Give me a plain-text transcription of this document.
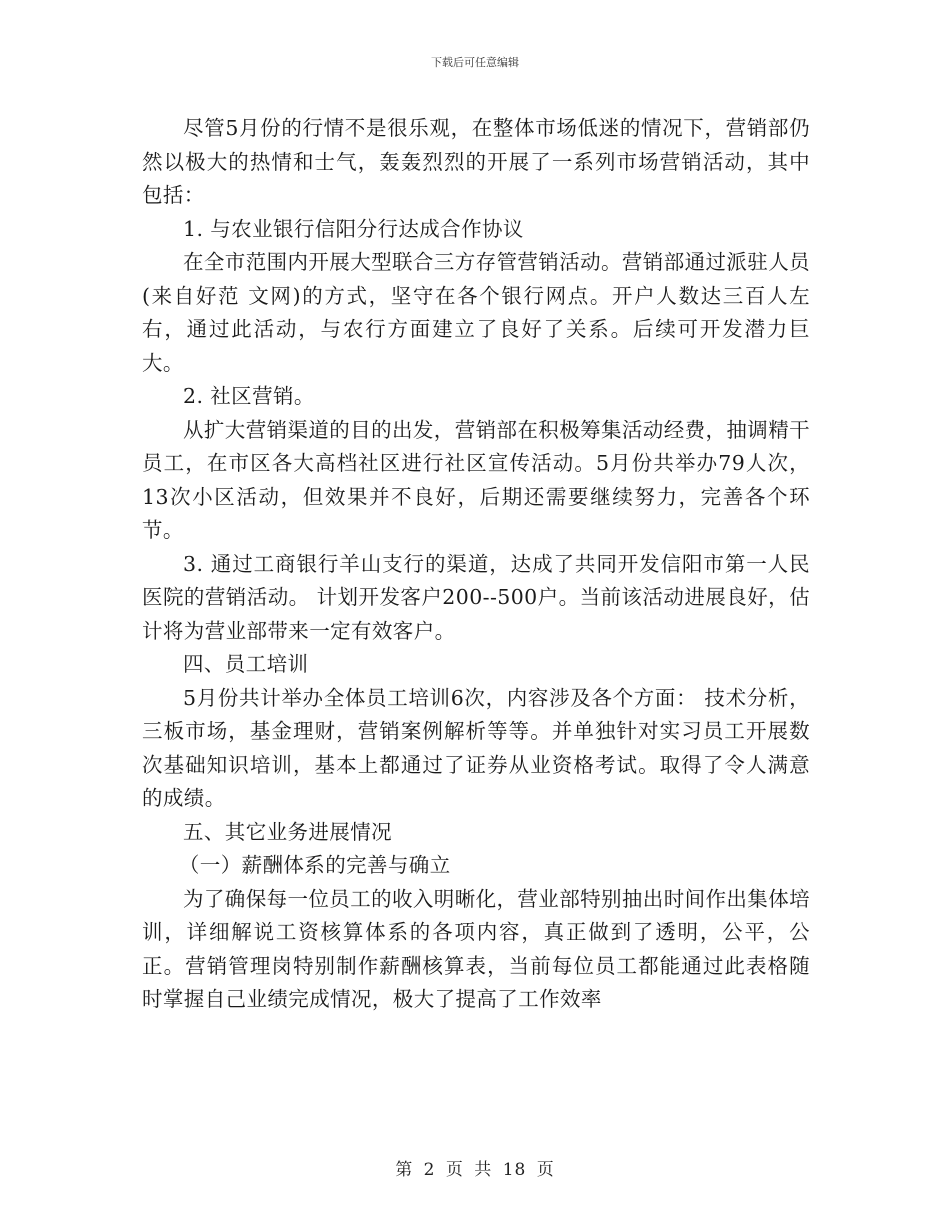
下载后可任意编辑

尽管5月份的行情不是很乐观，在整体市场低迷的情况下，营销部仍然以极大的热情和士气，轰轰烈烈的开展了一系列市场营销活动，其中包括：

1. 与农业银行信阳分行达成合作协议

在全市范围内开展大型联合三方存管营销活动。营销部通过派驻人员(来自好范 文网)的方式，坚守在各个银行网点。开户人数达三百人左右，通过此活动，与农行方面建立了良好了关系。后续可开发潜力巨大。

2. 社区营销。

从扩大营销渠道的目的出发，营销部在积极筹集活动经费，抽调精干员工，在市区各大高档社区进行社区宣传活动。5月份共举办79人次，13次小区活动，但效果并不良好，后期还需要继续努力，完善各个环节。

3. 通过工商银行羊山支行的渠道，达成了共同开发信阳市第一人民医院的营销活动。 计划开发客户200--500户。当前该活动进展良好，估计将为营业部带来一定有效客户。

四、员工培训

5月份共计举办全体员工培训6次，内容涉及各个方面： 技术分析，三板市场，基金理财，营销案例解析等等。并单独针对实习员工开展数次基础知识培训，基本上都通过了证券从业资格考试。取得了令人满意的成绩。

五、其它业务进展情况

（一）薪酬体系的完善与确立

为了确保每一位员工的收入明晰化，营业部特别抽出时间作出集体培训，详细解说工资核算体系的各项内容，真正做到了透明，公平，公正。营销管理岗特别制作薪酬核算表，当前每位员工都能通过此表格随时掌握自己业绩完成情况，极大了提高了工作效率

第 2 页 共 18 页
